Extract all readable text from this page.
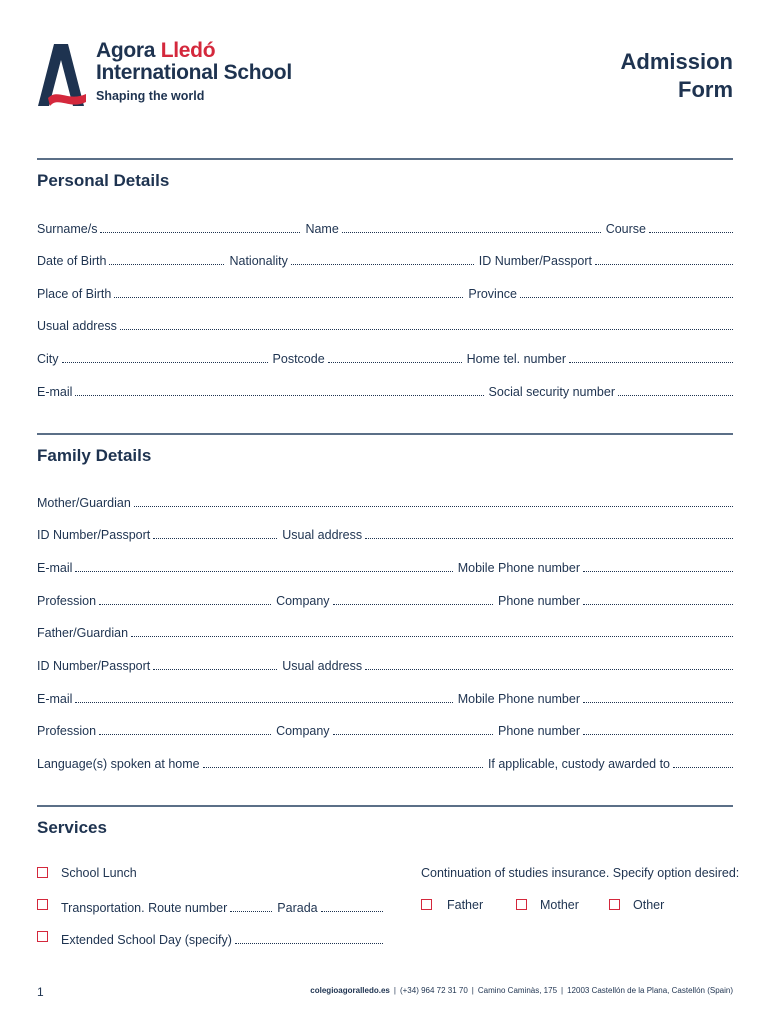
Agora Lledó
International School
Shaping the world
Admission
Form
Personal Details
Surname/s	Name	Course
Date of Birth	Nationality	ID Number/Passport
Place of Birth	Province
Usual address
City	Postcode	Home tel. number
E-mail	Social security number
Family Details
Mother/Guardian
ID Number/Passport	Usual address
E-mail	Mobile Phone number
Profession	Company	Phone number
Father/Guardian
ID Number/Passport	Usual address
E-mail	Mobile Phone number
Profession	Company	Phone number
Language(s) spoken at home	If applicable, custody awarded to
Services
School Lunch
Transportation. Route number	Parada
Extended School Day (specify)
Continuation of studies insurance. Specify option desired:
Father	Mother	Other
1	colegioagoralledo.es | (+34) 964 72 31 70 | Camino Caminàs, 175 | 12003 Castellón de la Plana, Castellón (Spain)
